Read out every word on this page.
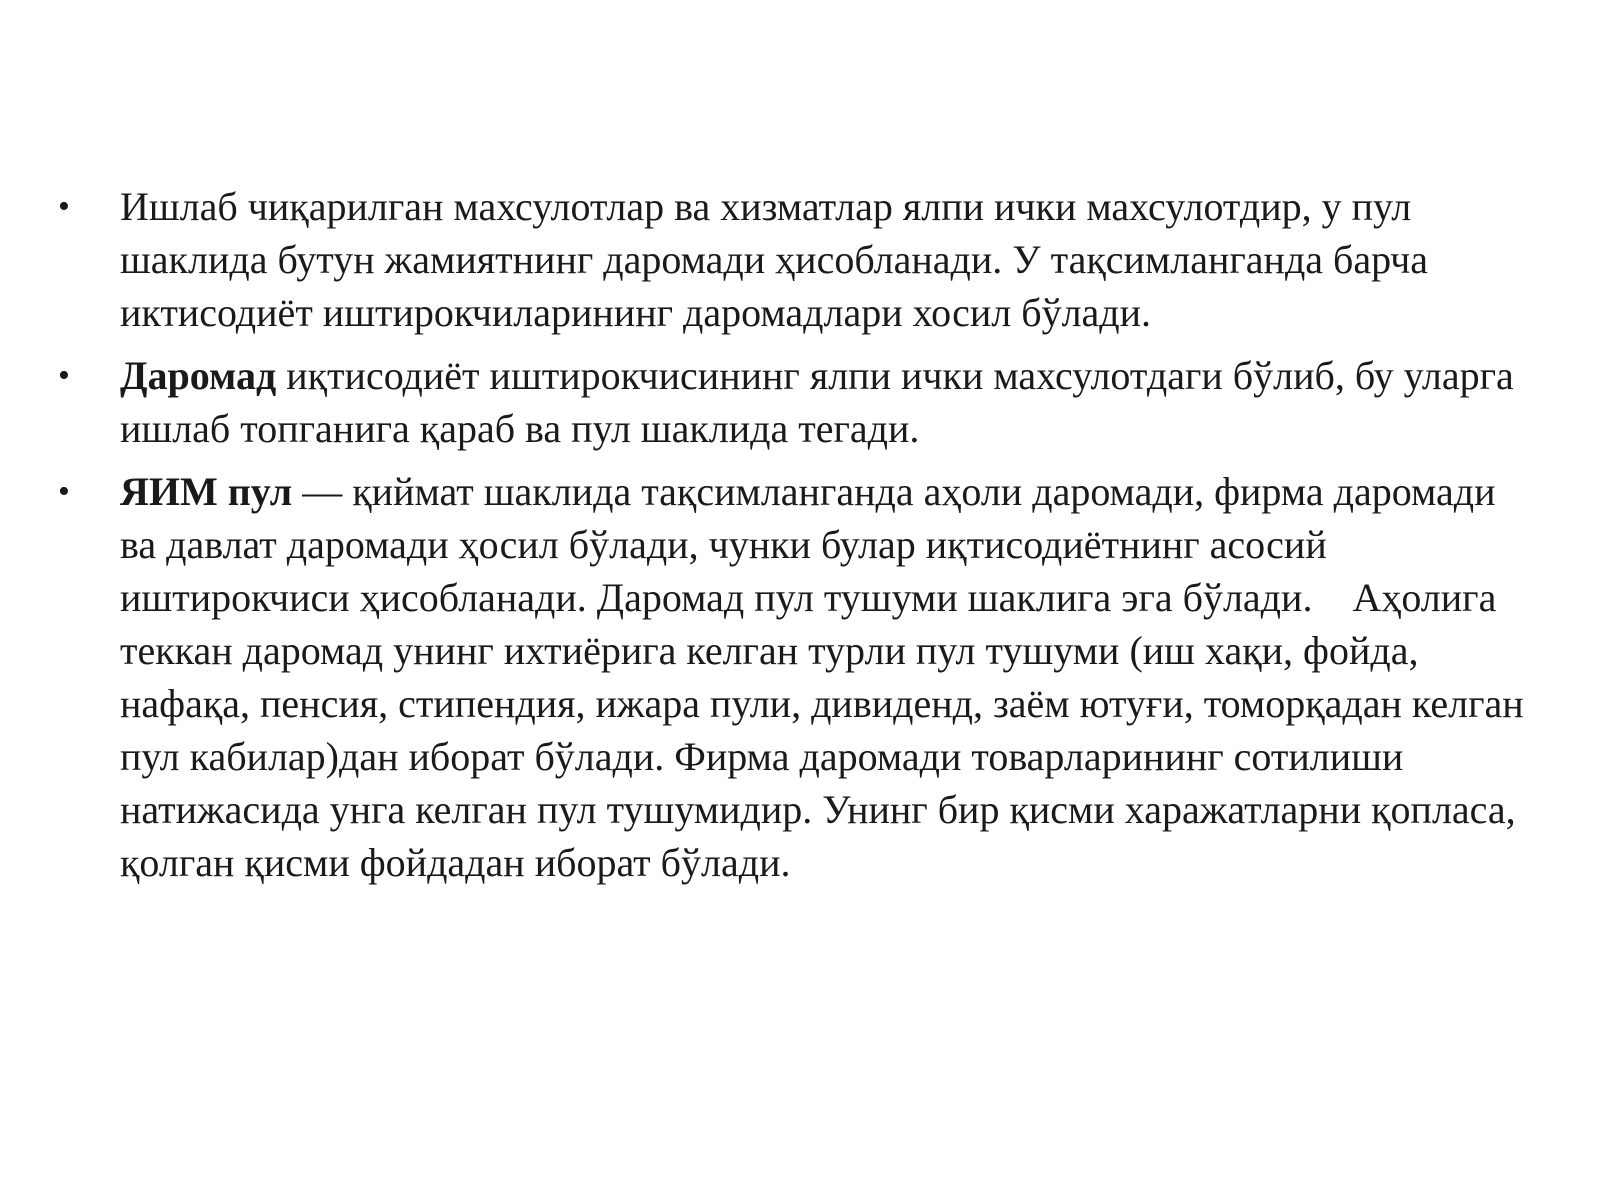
• Ишлаб чиқарилган махсулотлар ва хизматлар ялпи ички махсулотдир, у пул шаклида бутун жамиятнинг даромади ҳисобланади. У тақсимланганда барча иктисодиёт иштирокчиларининг даромадлари хосил бўлади.
• Даромад иқтисодиёт иштирокчисининг ялпи ички махсулотдаги бўлиб, бу уларга ишлаб топганига қараб ва пул шаклида тегади.
• ЯИМ пул — қиймат шаклида тақсимланганда аҳоли даромади, фирма даромади ва давлат даромади ҳосил бўлади, чунки булар иқтисодиётнинг асосий иштирокчиси ҳисобланади. Даромад пул тушуми шаклига эга бўлади.    Аҳолига теккан даромад унинг ихтиёрига келган турли пул тушуми (иш хақи, фойда, нафақа, пенсия, стипендия, ижара пули, дивиденд, заём ютуғи, томорқадан келган пул кабилар)дан иборат бўлади. Фирма даромади товарларининг сотилиши натижасида унга келган пул тушумидир. Унинг бир қисми харажатларни қопласа, қолган қисми фойдадан иборат бўлади.
